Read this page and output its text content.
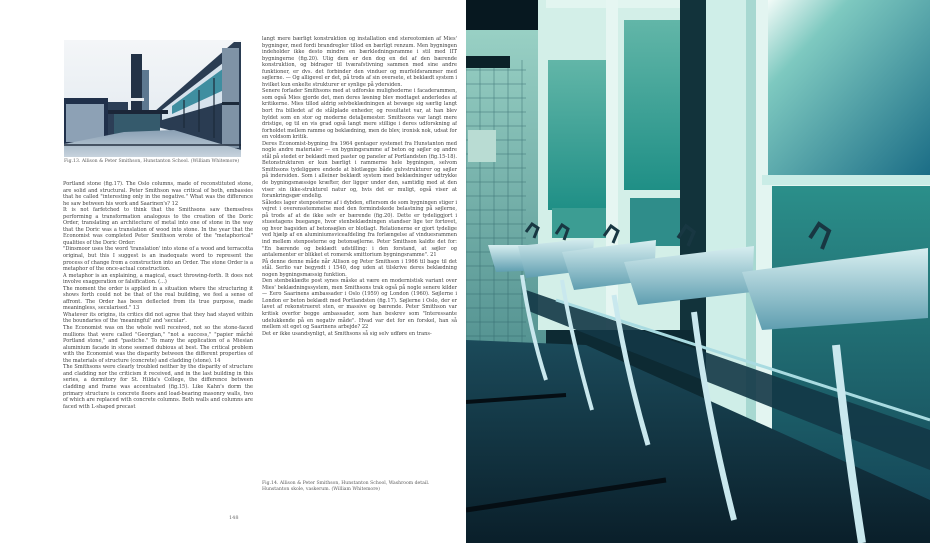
Fig.13. Allison & Peter Smithson, Hunstanton School. (William Whitemore)

Portland stone (fig.17). The Oslo columns, made of reconstituted stone, are solid and structural. Peter Smithson was critical of both, embassies that he called "interesting only in the negative." What was the difference he saw between his work and Saarinen's? 12

It is not farfetched to think that the Smithsons saw themselves performing a transformation analogous to the creation of the Doric Order, translating an architecture of metal into one of stone in the way that the Doric was a translation of wood into stone. In the year that the Economist was completed Peter Smithson wrote of the "metaphorical" qualities of the Doric Order:

"Dinsmoor uses the word 'translation' into stone of a wood and terracotta original, but this I suggest is an inadequate word to represent the process of change from a construction into an Order. The stone Order is a metaphor of the once-actual construction.

A metaphor is an explaining, a magical, exact throwing-forth. It does not involve exaggeration or falsification. (...)

The moment the order is applied in a situation where the structuring it shows forth could not be that of the real building, we feel a sense of affront. The Order has been deflected from its true purpose, made meaningless, secularised." 13

Whatever its origins, its critics did not agree that they had stayed within the boundaries of the 'meaningful' and 'secular'.

The Economist was on the whole well received, not so the stone-faced mullions that were called "Georgian," "not a success," "papier mâché Portland stone," and "pastiche." To many the application of a Miesian aluminium facade in stone seemed dubious at best. The critical problem with the Economist was the disparity between the different properties of the materials of structure (concrete) and cladding (stone). 14

The Smithsons were clearly troubled neither by the disparity of structure and cladding nor the criticism it received, and in the last building in this series, a dormitory for St. Hilda's College, the difference between cladding and frame was accentuated (fig.15). Like Kahn's dorm the primary structure is concrete floors and load-bearing masonry walls, two of which are replaced with concrete columns. Both walls and columns are faced with L-shaped precast

langt mere bærligt konstruktion og installation end stereotomien af Mies' bygninger, med fordi brandregler tillod en bærligt renzum. Men bygningen indeholder ikke desto mindre en bærkledningsramme i stil med IIT bygningerne (fig.20). Ulig dem er den dog en del af den bærende konstruktion, og bidrager til tværafstivning sammen med sine andre funktioner, er dvs. det forbinder den vinduer og murfeldsrammer med søjlerne. — Og alligevel er det, på trods af sin oversete, et beklædt system i hvilket kun enkelte strukturer er synlige på ydersiden.

Senere forlader Smithsons med at udforske mulighederne i facaderammen, som også Mies gjorde det, men deres løsning blev modtaget anderledes af kritikerne. Mies tillod aldrig selvbeklædningen at bevæge sig særlig langt bort fra billedet af de stålplade enheder, og resultatet var, at han blev hyldet som en stor og moderne detaljemester. Smithsons var langt mere dristige, og til en vis grad også langt mere stillige i deres udforskning af forholdet mellem ramme og beklædning, men de blev, ironisk nok, udsat for en voldsom kritik.

Deres Economist-bygning fra 1964 gentager systemet fra Hunstanton med nogle andre materialer — en bygningsramme af beton og søjler og andre stål på stedet er beklædt med paster og paneler af Portlandsten (fig.15-18). Betonstrukturen er kun bærligt i rammerne hele bygningen, selvom Smithsons tydeliggøre endede at blotlægge både gulvstrukturer og søjler på indersiden. Som i alleiner beklædt system med beklædninger udtrykke de bygningsmæssige kræfter, der ligger under den, samtidig med at den viser sin ikke-strukturel natur og, hvis det er muligt, også viser at forankringsgør endelig.

Således lager stenposterne af i dybden, eftersom de som bygningen stiger i vejret i overensstemmelse med den formindskede belastning på søjlerne, på trods af at de ikke selv er bærende (fig.20). Dette er tydeliggjort i stueetagens buegange, hvor stenbeklædningen standser lige ter fortovet, og hvor bagsiden af betonsøjlen er blotlagt. Relationerne er gjort tydelige ved hjælp af en aluminiumsviceafdeling fra forlængelse af vinduesrammen ind mellem stenposterne og betonsøjlerne. Peter Smithson kaldte det for: "En bærende og beklædt udstilling: i den forstand, at søjler og antalementer er blikket et romersk smittorium bygningsramme". 21

På denne denne måde når Allison og Peter Smithson i 1966 til bage til det stål. Serlio var begyndt i 1540, dog uden at tilskrive deres beklædning nogen bygningsmæssig funktion.

Den stenbeklædte post synes måske at være en modernistisk variant over Mies' beklædningssystem, men Smithsons trak også på nogle senere kilder — Eero Saarinens ambassader i Oslo (1959) og London (1960). Søjlerne i London er beton beklædt med Portlandsten (fig.17). Søjlerne i Oslo, der er lavet af rekonstrueret sten, er massive og bærende. Peter Smithson var kritisk overfor begge ambassader, som han beskrev som "Interessante udelukkende på en negativ måde". Hvad var det for en forskel, han så mellem sit eget og Saarinens arbejde? 22

Det er ikke usandsynligt, at Smithsons så sig selv udføre en trans-

Fig.14. Allison & Peter Smithson, Hunstanton School, Washroom detail. Hunstanton skole, vaskerum. (William Whitemore)
148
